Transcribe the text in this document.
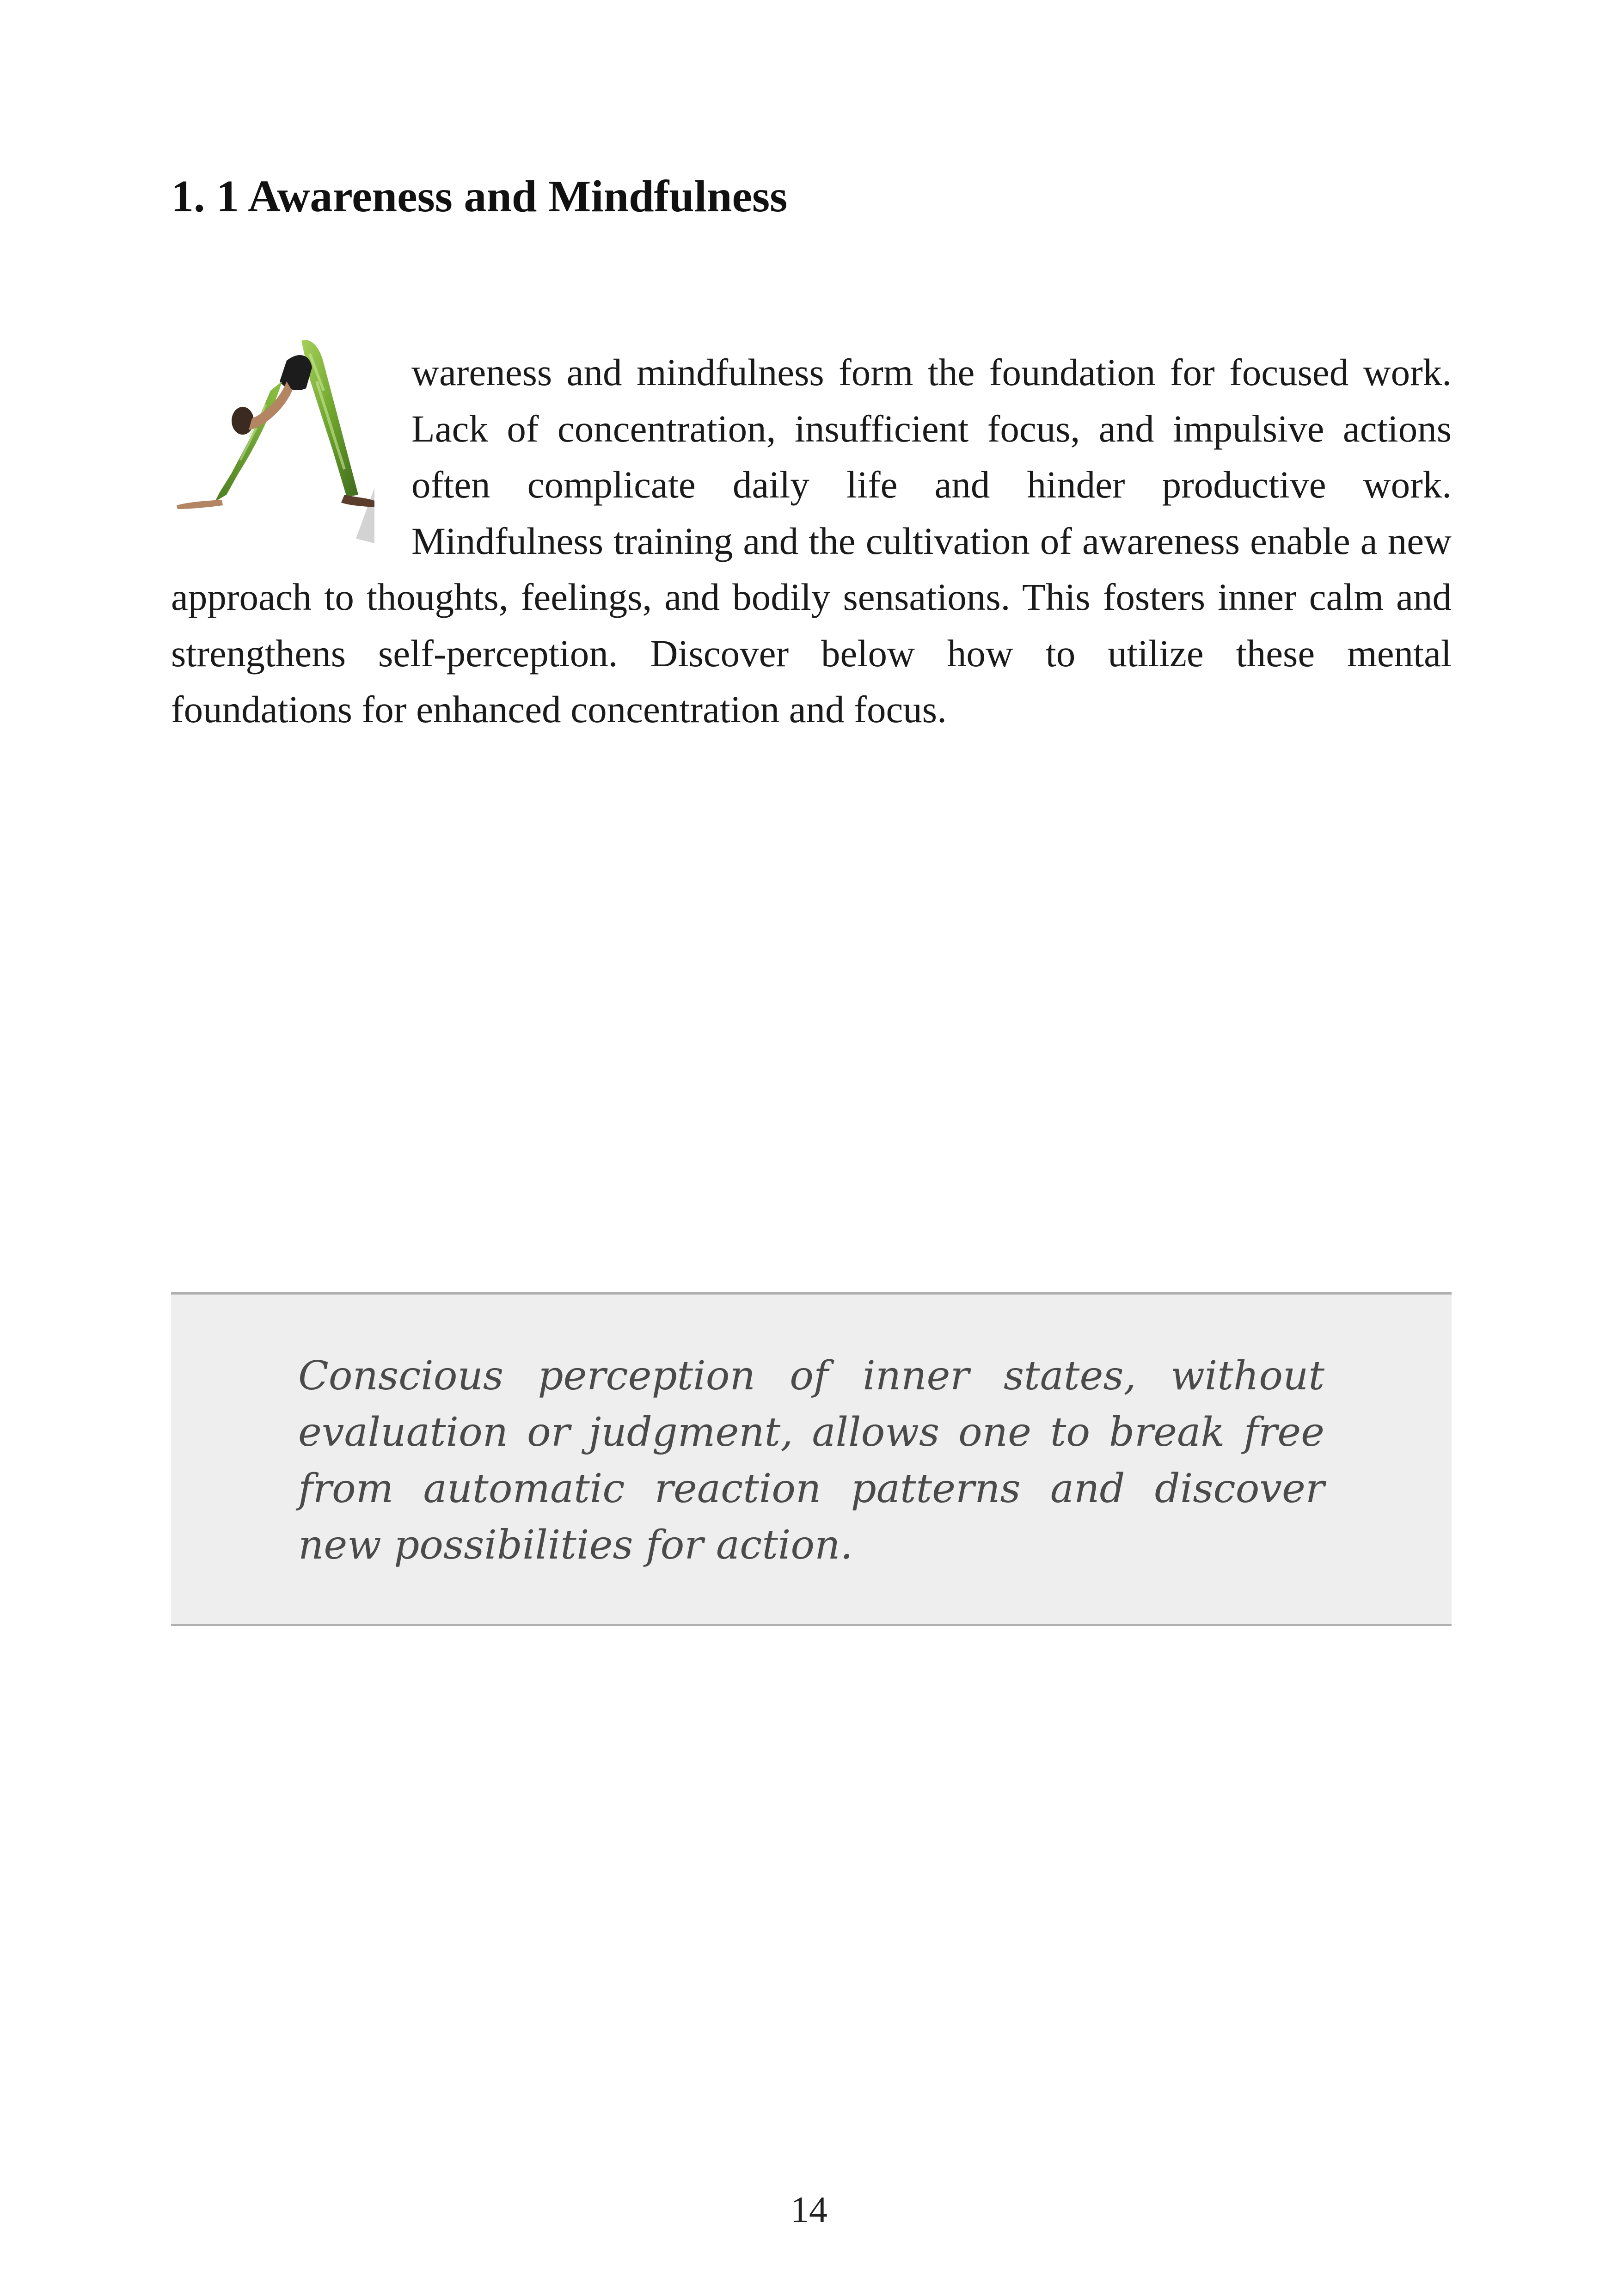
1. 1 Awareness and Mindfulness

wareness and mindfulness form the foundation for focused work. Lack of concentration, insufficient focus, and impulsive actions often complicate daily life and hinder productive work. Mindfulness training and the cultivation of awareness enable a new approach to thoughts, feelings, and bodily sensations. This fosters inner calm and strengthens self-perception. Discover below how to utilize these mental foundations for enhanced concentration and focus.

Conscious perception of inner states, without evaluation or judgment, allows one to break free from automatic reaction patterns and discover new possibilities for action.

14
